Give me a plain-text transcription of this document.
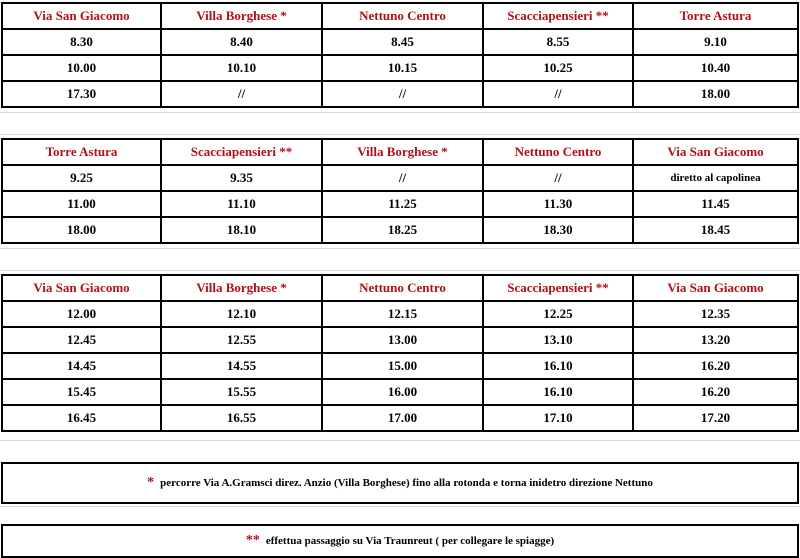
Via San Giacomo	Villa Borghese *	Nettuno Centro	Scacciapensieri **	Torre Astura
8.30	8.40	8.45	8.55	9.10
10.00	10.10	10.15	10.25	10.40
17.30	//	//	//	18.00
Torre Astura	Scacciapensieri **	Villa Borghese *	Nettuno Centro	Via San Giacomo
9.25	9.35	//	//	diretto al capolinea
11.00	11.10	11.25	11.30	11.45
18.00	18.10	18.25	18.30	18.45
Via San Giacomo	Villa Borghese *	Nettuno Centro	Scacciapensieri **	Via San Giacomo
12.00	12.10	12.15	12.25	12.35
12.45	12.55	13.00	13.10	13.20
14.45	14.55	15.00	16.10	16.20
15.45	15.55	16.00	16.10	16.20
16.45	16.55	17.00	17.10	17.20
* percorre Via A.Gramsci direz. Anzio (Villa Borghese) fino alla rotonda e torna inidetro direzione Nettuno
** effettua passaggio su Via Traunreut ( per collegare le spiagge)
